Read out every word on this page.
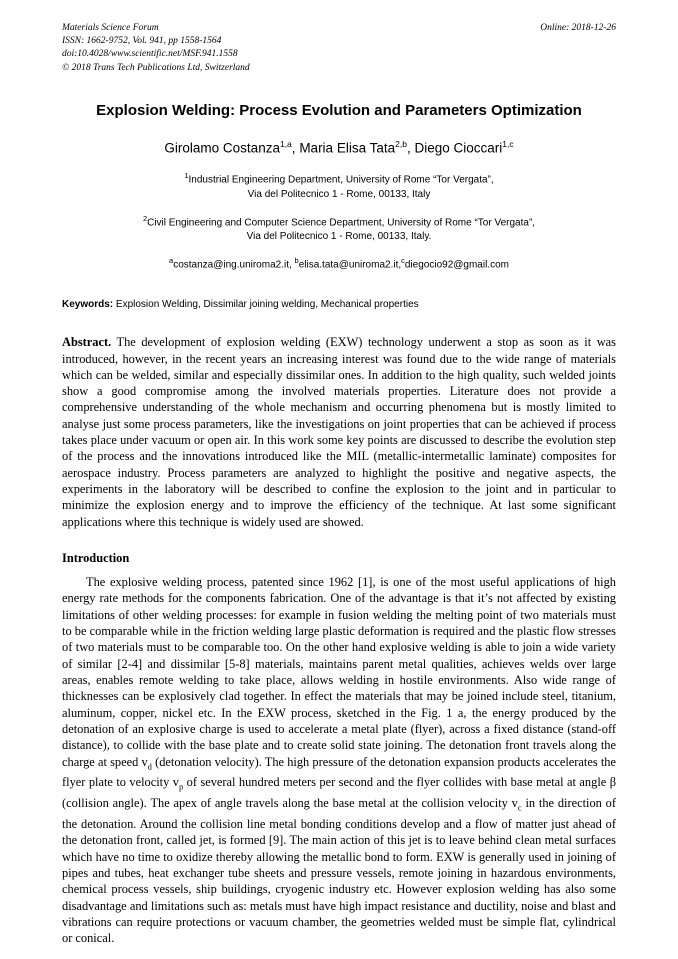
Materials Science Forum
ISSN: 1662-9752, Vol. 941, pp 1558-1564
doi:10.4028/www.scientific.net/MSF.941.1558
© 2018 Trans Tech Publications Ltd, Switzerland
Online: 2018-12-26
Explosion Welding: Process Evolution and Parameters Optimization
Girolamo Costanza$^{1,a}$, Maria Elisa Tata$^{2,b}$, Diego Cioccari$^{1,c}$
$^1$Industrial Engineering Department, University of Rome “Tor Vergata”,
Via del Politecnico 1 - Rome, 00133, Italy
$^2$Civil Engineering and Computer Science Department, University of Rome “Tor Vergata”,
Via del Politecnico 1 - Rome, 00133, Italy.
$^a$costanza@ing.uniroma2.it, $^b$elisa.tata@uniroma2.it,$^c$diegocio92@gmail.com
Keywords: Explosion Welding, Dissimilar joining welding, Mechanical properties
Abstract. The development of explosion welding (EXW) technology underwent a stop as soon as it was introduced, however, in the recent years an increasing interest was found due to the wide range of materials which can be welded, similar and especially dissimilar ones. In addition to the high quality, such welded joints show a good compromise among the involved materials properties. Literature does not provide a comprehensive understanding of the whole mechanism and occurring phenomena but is mostly limited to analyse just some process parameters, like the investigations on joint properties that can be achieved if process takes place under vacuum or open air. In this work some key points are discussed to describe the evolution step of the process and the innovations introduced like the MIL (metallic-intermetallic laminate) composites for aerospace industry. Process parameters are analyzed to highlight the positive and negative aspects, the experiments in the laboratory will be described to confine the explosion to the joint and in particular to minimize the explosion energy and to improve the efficiency of the technique. At last some significant applications where this technique is widely used are showed.
Introduction
The explosive welding process, patented since 1962 [1], is one of the most useful applications of high energy rate methods for the components fabrication. One of the advantage is that it’s not affected by existing limitations of other welding processes: for example in fusion welding the melting point of two materials must to be comparable while in the friction welding large plastic deformation is required and the plastic flow stresses of two materials must to be comparable too. On the other hand explosive welding is able to join a wide variety of similar [2-4] and dissimilar [5-8] materials, maintains parent metal qualities, achieves welds over large areas, enables remote welding to take place, allows welding in hostile environments. Also wide range of thicknesses can be explosively clad together. In effect the materials that may be joined include steel, titanium, aluminum, copper, nickel etc. In the EXW process, sketched in the Fig. 1 a, the energy produced by the detonation of an explosive charge is used to accelerate a metal plate (flyer), across a fixed distance (stand-off distance), to collide with the base plate and to create solid state joining. The detonation front travels along the charge at speed $v_d$ (detonation velocity). The high pressure of the detonation expansion products accelerates the flyer plate to velocity $v_p$ of several hundred meters per second and the flyer collides with base metal at angle β (collision angle). The apex of angle travels along the base metal at the collision velocity $v_c$ in the direction of the detonation. Around the collision line metal bonding conditions develop and a flow of matter just ahead of the detonation front, called jet, is formed [9]. The main action of this jet is to leave behind clean metal surfaces which have no time to oxidize thereby allowing the metallic bond to form. EXW is generally used in joining of pipes and tubes, heat exchanger tube sheets and pressure vessels, remote joining in hazardous environments, chemical process vessels, ship buildings, cryogenic industry etc. However explosion welding has also some disadvantage and limitations such as: metals must have high impact resistance and ductility, noise and blast and vibrations can require protections or vacuum chamber, the geometries welded must be simple flat, cylindrical or conical.
